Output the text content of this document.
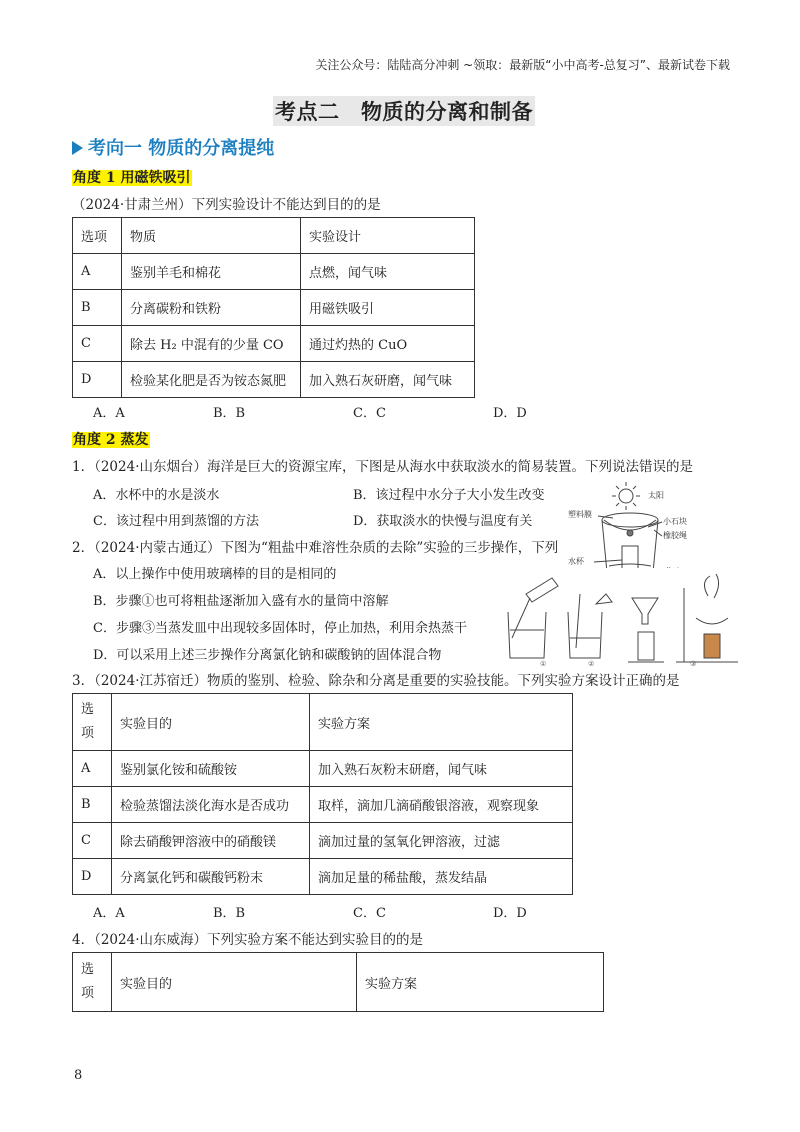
关注公众号：陆陆高分冲刺 ~领取：最新版“小中高考-总复习”、最新试卷下载
考点二　物质的分离和制备
考向一 物质的分离提纯
角度 1 用磁铁吸引
（2024·甘肃兰州）下列实验设计不能达到目的的是
选项	物质	实验设计
A	鉴别羊毛和棉花	点燃，闻气味
B	分离碳粉和铁粉	用磁铁吸引
C	除去 H₂ 中混有的少量 CO	通过灼热的 CuO
D	检验某化肥是否为铵态氮肥	加入熟石灰研磨，闻气味
A．A	B．B	C．C	D．D
角度 2 蒸发
1．（2024·山东烟台）海洋是巨大的资源宝库，下图是从海水中获取淡水的简易装置。下列说法错误的是
A．水杯中的水是淡水	B．该过程中水分子大小发生改变
C．该过程中用到蒸馏的方法	D．获取淡水的快慢与温度有关
太阳
小石块
塑料膜
橡胶绳
水杯
2．（2024·内蒙古通辽）下图为“粗盐中难溶性杂质的去除”实验的三步操作，下列
A．以上操作中使用玻璃棒的目的是相同的
B．步骤①也可将粗盐逐渐加入盛有水的量筒中溶解
C．步骤③当蒸发皿中出现较多固体时，停止加热，利用余热蒸干
D．可以采用上述三步操作分离氯化钠和碳酸钠的固体混合物
①	②	③
3．（2024·江苏宿迁）物质的鉴别、检验、除杂和分离是重要的实验技能。下列实验方案设计正确的是
选项	实验目的	实验方案
A	鉴别氯化铵和硫酸铵	加入熟石灰粉末研磨，闻气味
B	检验蒸馏法淡化海水是否成功	取样，滴加几滴硝酸银溶液，观察现象
C	除去硝酸钾溶液中的硝酸镁	滴加过量的氢氧化钾溶液，过滤
D	分离氯化钙和碳酸钙粉末	滴加足量的稀盐酸，蒸发结晶
A．A	B．B	C．C	D．D
4．（2024·山东威海）下列实验方案不能达到实验目的的是
选项	实验目的	实验方案
8
